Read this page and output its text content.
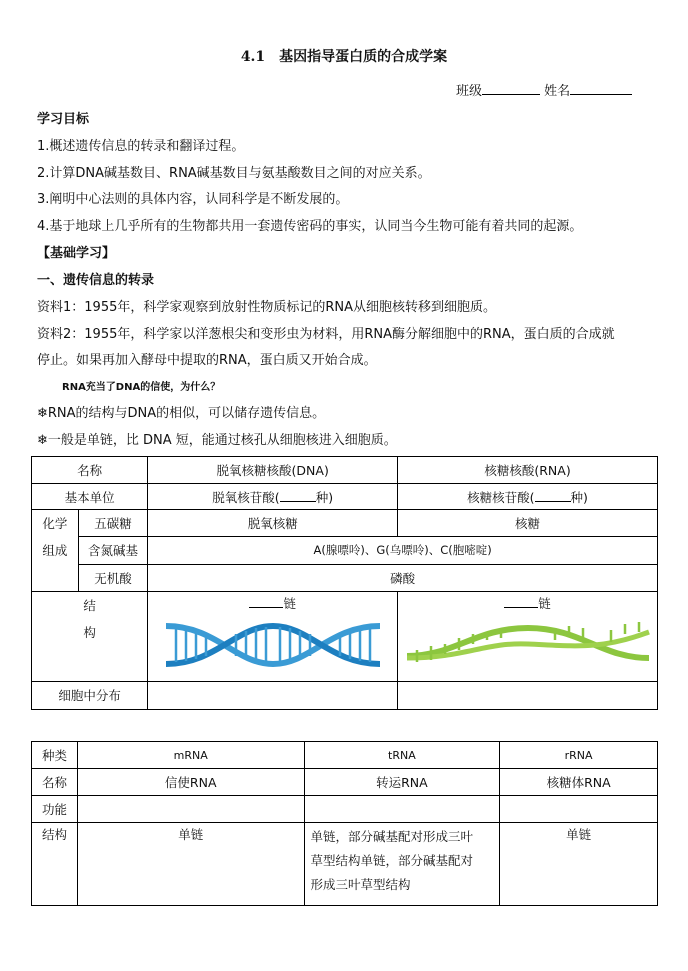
4.1　基因指导蛋白质的合成学案
班级	姓名
学习目标
1.概述遗传信息的转录和翻译过程。
2.计算DNA碱基数目、RNA碱基数目与氨基酸数目之间的对应关系。
3.阐明中心法则的具体内容，认同科学是不断发展的。
4.基于地球上几乎所有的生物都共用一套遗传密码的事实，认同当今生物可能有着共同的起源。
【基础学习】
一、遗传信息的转录
资料1：1955年，科学家观察到放射性物质标记的RNA从细胞核转移到细胞质。
资料2：1955年，科学家以洋葱根尖和变形虫为材料，用RNA酶分解细胞中的RNA，蛋白质的合成就
停止。如果再加入酵母中提取的RNA，蛋白质又开始合成。
RNA充当了DNA的信使，为什么？
❄RNA的结构与DNA的相似，可以储存遗传信息。
❄一般是单链，比 DNA 短，能通过核孔从细胞核进入细胞质。
名称		脱氧核糖核酸(DNA)	核糖核酸(RNA)
基本单位		脱氧核苷酸( 种)	核糖核苷酸( 种)

化学
组成	五碳糖	脱氧核糖	核糖
	含氮碱基	A(腺嘌呤)、G(乌嘌呤)、C(胞嘧啶)	
	无机酸	磷酸	

结
构		链	链

细胞中分布			
种类	mRNA	tRNA	rRNA
名称	信使RNA	转运RNA	核糖体RNA
功能			
结构	单链	单链，部分碱基配对形成三叶
草型结构单链，部分碱基配对
形成三叶草型结构	单链
